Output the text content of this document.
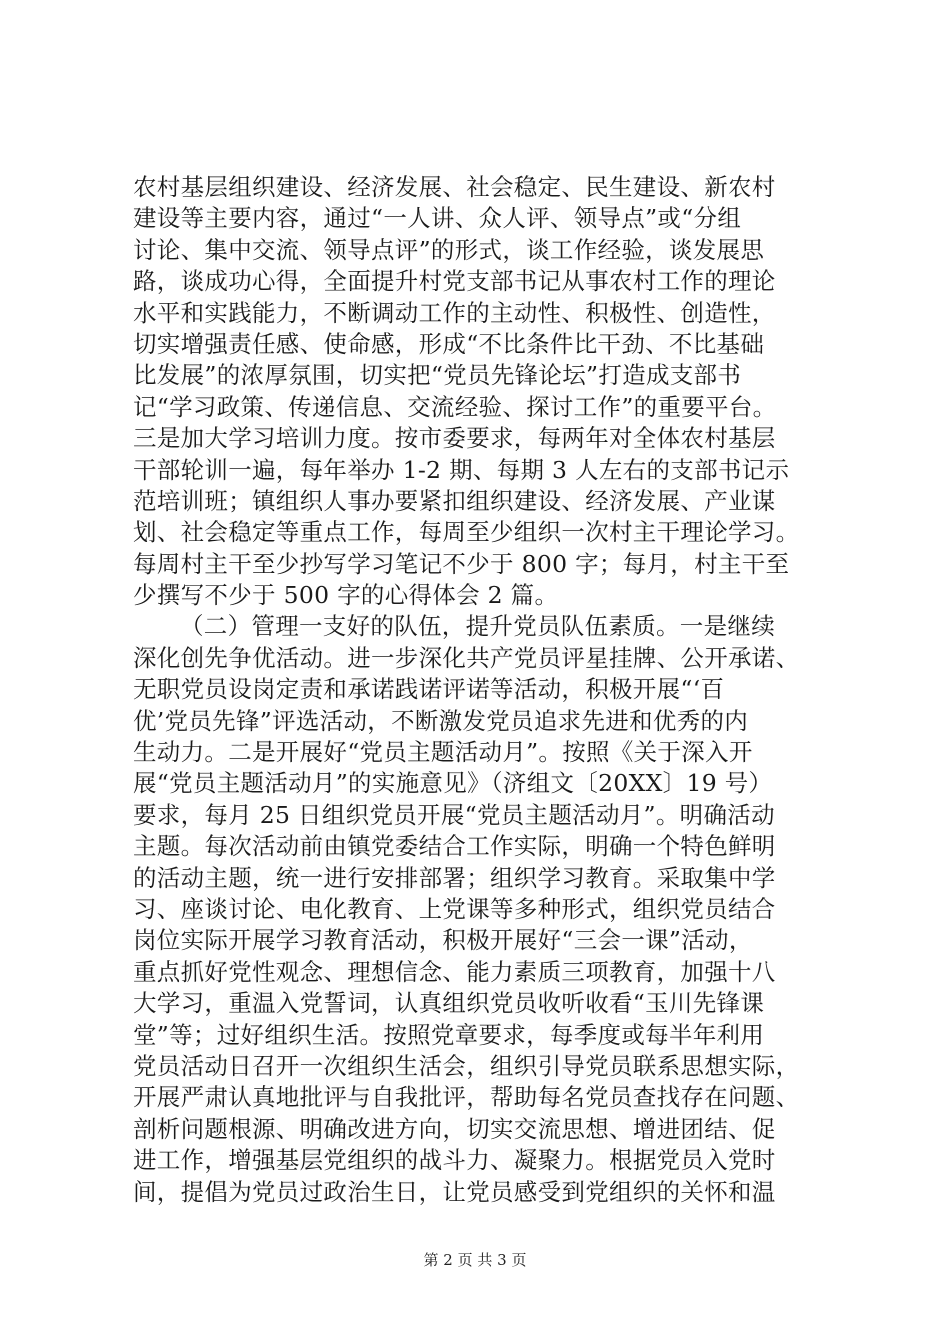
农村基层组织建设、经济发展、社会稳定、民生建设、新农村
建设等主要内容，通过“一人讲、众人评、领导点”或“分组
讨论、集中交流、领导点评”的形式，谈工作经验，谈发展思
路，谈成功心得，全面提升村党支部书记从事农村工作的理论
水平和实践能力，不断调动工作的主动性、积极性、创造性，
切实增强责任感、使命感，形成“不比条件比干劲、不比基础
比发展”的浓厚氛围，切实把“党员先锋论坛”打造成支部书
记“学习政策、传递信息、交流经验、探讨工作”的重要平台。
三是加大学习培训力度。按市委要求，每两年对全体农村基层
干部轮训一遍，每年举办 1-2 期、每期 3 人左右的支部书记示
范培训班；镇组织人事办要紧扣组织建设、经济发展、产业谋
划、社会稳定等重点工作，每周至少组织一次村主干理论学习。
每周村主干至少抄写学习笔记不少于 800 字；每月，村主干至
少撰写不少于 500 字的心得体会 2 篇。
（二）管理一支好的队伍，提升党员队伍素质。一是继续
深化创先争优活动。进一步深化共产党员评星挂牌、公开承诺、
无职党员设岗定责和承诺践诺评诺等活动，积极开展“‘百
优’党员先锋”评选活动，不断激发党员追求先进和优秀的内
生动力。二是开展好“党员主题活动月”。按照《关于深入开
展“党员主题活动月”的实施意见》（济组文〔20XX〕19 号）
要求，每月 25 日组织党员开展“党员主题活动月”。明确活动
主题。每次活动前由镇党委结合工作实际，明确一个特色鲜明
的活动主题，统一进行安排部署；组织学习教育。采取集中学
习、座谈讨论、电化教育、上党课等多种形式，组织党员结合
岗位实际开展学习教育活动，积极开展好“三会一课”活动，
重点抓好党性观念、理想信念、能力素质三项教育，加强十八
大学习，重温入党誓词，认真组织党员收听收看“玉川先锋课
堂”等；过好组织生活。按照党章要求，每季度或每半年利用
党员活动日召开一次组织生活会，组织引导党员联系思想实际，
开展严肃认真地批评与自我批评，帮助每名党员查找存在问题、
剖析问题根源、明确改进方向，切实交流思想、增进团结、促
进工作，增强基层党组织的战斗力、凝聚力。根据党员入党时
间，提倡为党员过政治生日，让党员感受到党组织的关怀和温
第 2 页 共 3 页
